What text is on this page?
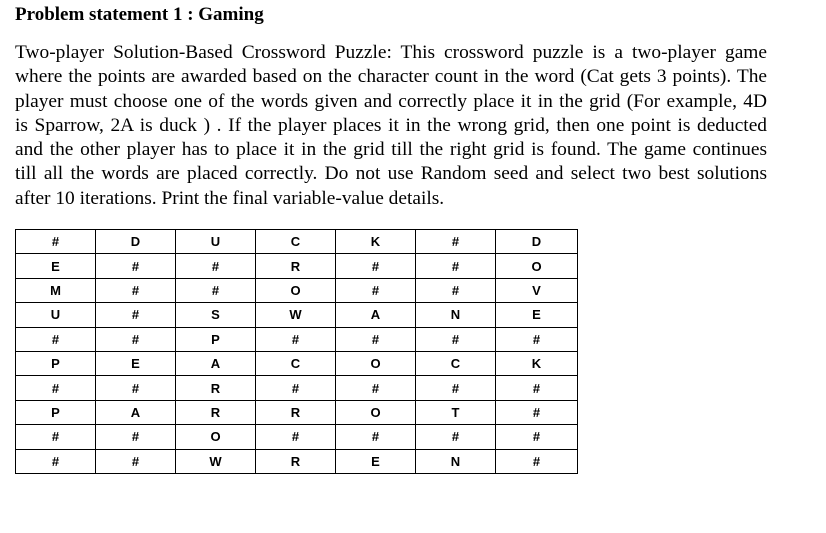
Problem statement 1 : Gaming
Two-player Solution-Based Crossword Puzzle: This crossword puzzle is a two-player game
where the points are awarded based on the character count in the word (Cat gets 3 points). The
player must choose one of the words given and correctly place it in the grid (For example, 4D
is Sparrow, 2A is duck ) . If the player places it in the wrong grid, then one point is deducted
and the other player has to place it in the grid till the right grid is found. The game continues
till all the words are placed correctly. Do not use Random seed and select two best solutions
after 10 iterations. Print the final variable-value details.
#	D	U	C	K	#	D
E	#	#	R	#	#	O
M	#	#	O	#	#	V
U	#	S	W	A	N	E
#	#	P	#	#	#	#
P	E	A	C	O	C	K
#	#	R	#	#	#	#
P	A	R	R	O	T	#
#	#	O	#	#	#	#
#	#	W	R	E	N	#
